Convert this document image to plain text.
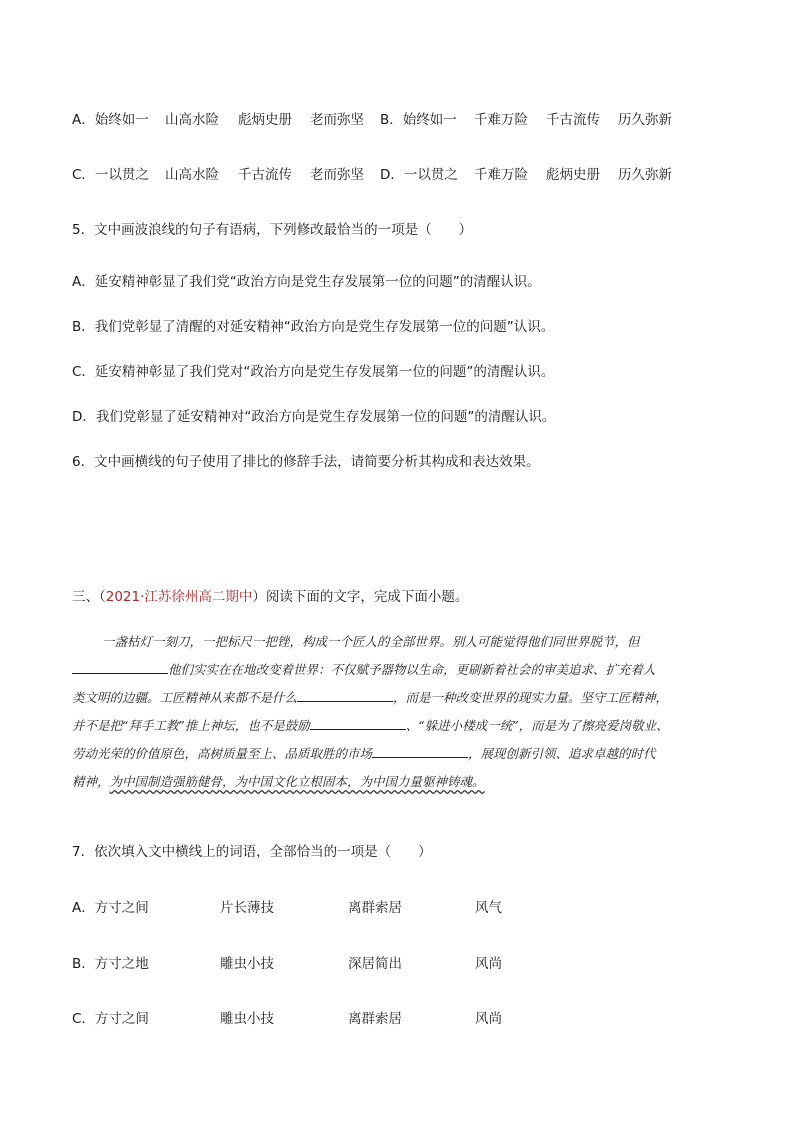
A．始终如一 山高水险 彪炳史册 老而弥坚 B．始终如一 千难万险 千古流传 历久弥新
C．一以贯之 山高水险 千古流传 老而弥坚 D．一以贯之 千难万险 彪炳史册 历久弥新
5．文中画波浪线的句子有语病，下列修改最恰当的一项是（　　）
A．延安精神彰显了我们党“政治方向是党生存发展第一位的问题”的清醒认识。
B．我们党彰显了清醒的对延安精神“政治方向是党生存发展第一位的问题”认识。
C．延安精神彰显了我们党对“政治方向是党生存发展第一位的问题”的清醒认识。
D．我们党彰显了延安精神对“政治方向是党生存发展第一位的问题”的清醒认识。
6．文中画横线的句子使用了排比的修辞手法，请简要分析其构成和表达效果。
三、（2021·江苏徐州高二期中）阅读下面的文字，完成下面小题。
一盏枯灯一刻刀，一把标尺一把锉，构成一个匠人的全部世界。别人可能觉得他们同世界脱节，但
他们实实在在地改变着世界：不仅赋予器物以生命，更刷新着社会的审美追求、扩充着人
类文明的边疆。工匠精神从来都不是什么	，而是一种改变世界的现实力量。坚守工匠精神，
并不是把“拜手工教”推上神坛，也不是鼓励	、“躲进小楼成一统”，而是为了擦亮爱岗敬业、
劳动光荣的价值原色，高树质量至上、品质取胜的市场	，展现创新引领、追求卓越的时代
精神，为中国制造强筋健骨，为中国文化立根固本，为中国力量躯神铸魂。
7．依次填入文中横线上的词语，全部恰当的一项是（　　）
A．方寸之间	片长薄技	离群索居	风气
B．方寸之地	雕虫小技	深居简出	风尚
C．方寸之间	雕虫小技	离群索居	风尚
